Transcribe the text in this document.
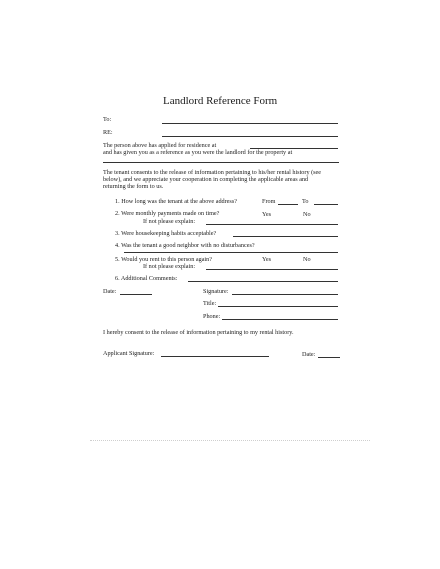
Landlord Reference Form
To:
RE:
The person above has applied for residence at
and has given you as a reference as you were the landlord for the property at
The tenant consents to the release of information pertaining to his/her rental history (see
below), and we appreciate your cooperation in completing the applicable areas and
returning the form to us.
1. How long was the tenant at the above address?	From	To
2. Were monthly payments made on time?	Yes	No
If not please explain:
3. Were housekeeping habits acceptable?
4. Was the tenant a good neighbor with no disturbances?
5. Would you rent to this person again?	Yes	No
If not please explain:
6. Additional Comments:
Date:	Signature:
Title:
Phone:
I hereby consent to the release of information pertaining to my rental history.
Applicant Signature:	Date:
